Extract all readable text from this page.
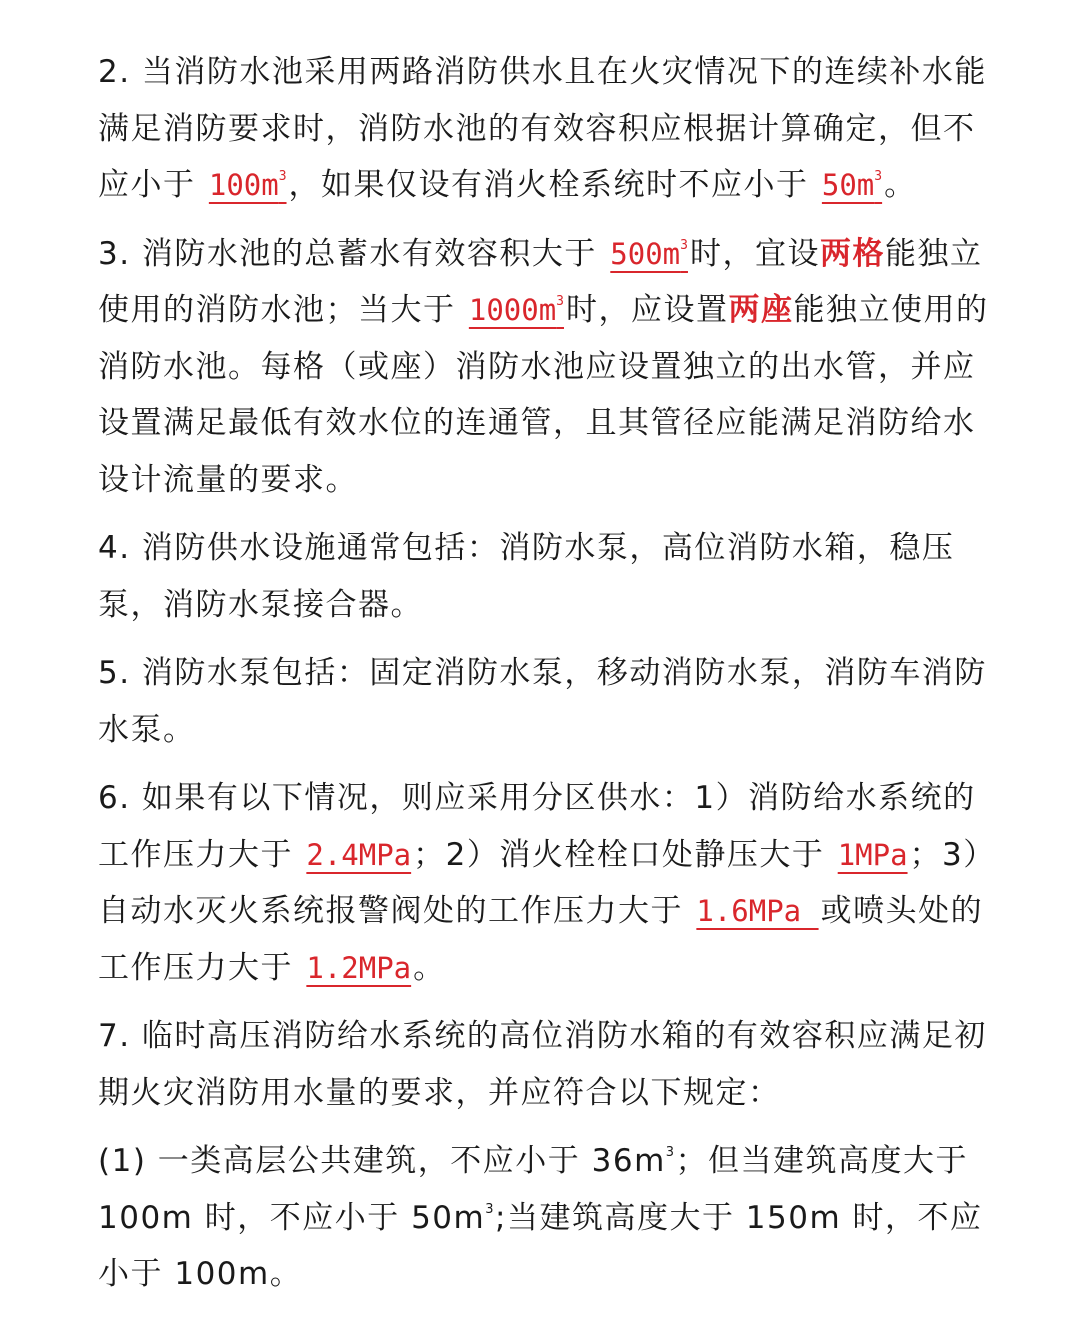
2. 当消防水池采用两路消防供水且在火灾情况下的连续补水能满足消防要求时，消防水池的有效容积应根据计算确定，但不应小于 $100m^3$，如果仅设有消火栓系统时不应小于 $50m^3$。

3. 消防水池的总蓄水有效容积大于 $500m^3$时，宜设两格能独立使用的消防水池；当大于 $1000m^3$时，应设置两座能独立使用的消防水池。每格（或座）消防水池应设置独立的出水管，并应设置满足最低有效水位的连通管，且其管径应能满足消防给水设计流量的要求。

4. 消防供水设施通常包括：消防水泵，高位消防水箱，稳压泵，消防水泵接合器。

5. 消防水泵包括：固定消防水泵，移动消防水泵，消防车消防水泵。

6. 如果有以下情况，则应采用分区供水：1）消防给水系统的工作压力大于 2.4MPa；2）消火栓栓口处静压大于 1MPa；3）自动水灭火系统报警阀处的工作压力大于 1.6MPa 或喷头处的工作压力大于 1.2MPa。

7. 临时高压消防给水系统的高位消防水箱的有效容积应满足初期火灾消防用水量的要求，并应符合以下规定：

(1) 一类高层公共建筑，不应小于 $36m^3$；但当建筑高度大于 100m 时，不应小于 $50m^3$;当建筑高度大于 150m 时，不应小于 100m。
